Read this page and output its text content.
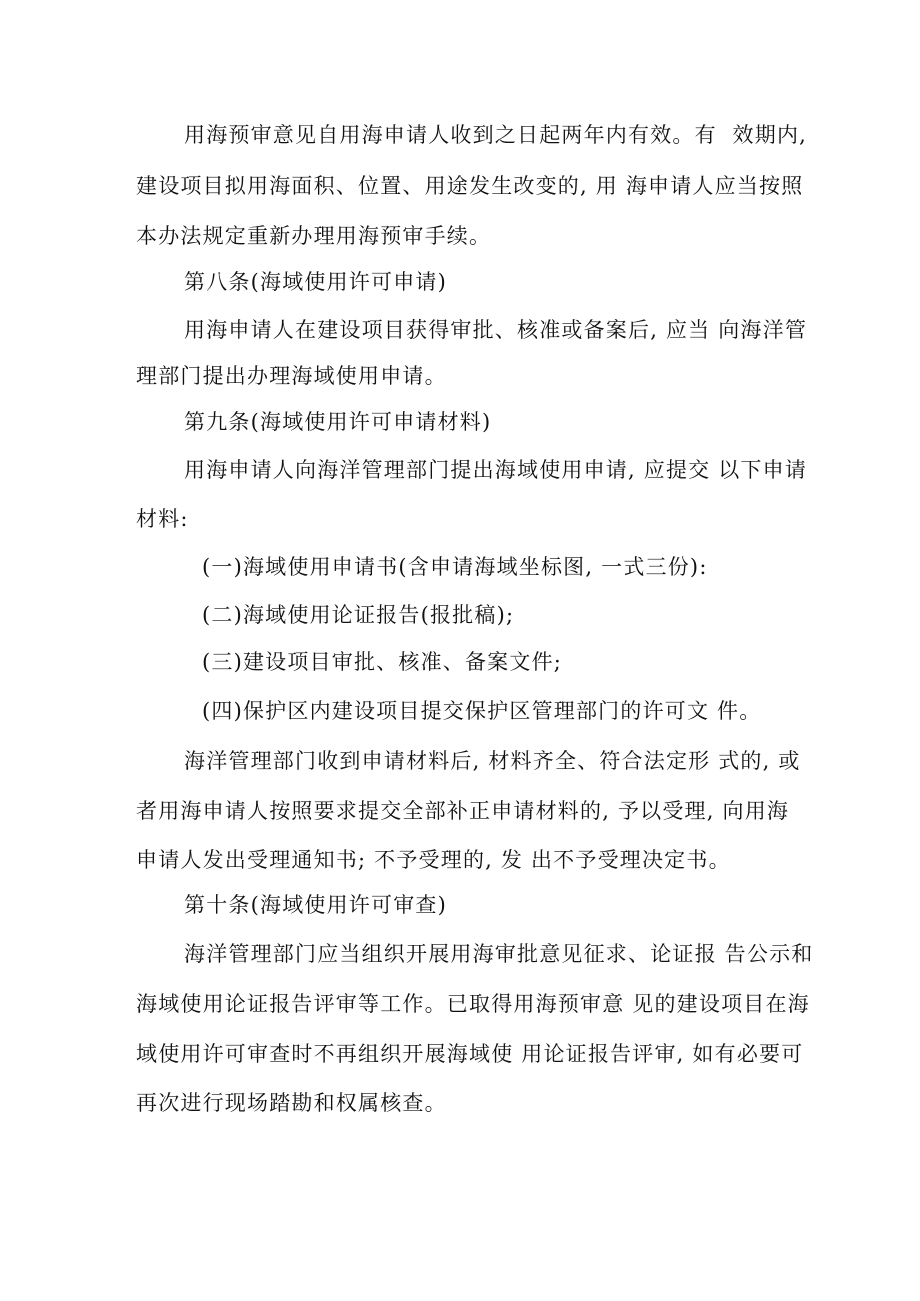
用海预审意见自用海申请人收到之日起两年内有效。有  效期内,
建设项目拟用海面积、位置、用途发生改变的, 用 海申请人应当按照
本办法规定重新办理用海预审手续。
第八条(海域使用许可申请)
用海申请人在建设项目获得审批、核准或备案后, 应当 向海洋管
理部门提出办理海域使用申请。
第九条(海域使用许可申请材料)
用海申请人向海洋管理部门提出海域使用申请, 应提交 以下申请
材料:
(一)海域使用申请书(含申请海域坐标图, 一式三份):
(二)海域使用论证报告(报批稿);
(三)建设项目审批、核准、备案文件;
(四)保护区内建设项目提交保护区管理部门的许可文 件。
海洋管理部门收到申请材料后, 材料齐全、符合法定形 式的, 或
者用海申请人按照要求提交全部补正申请材料的, 予以受理, 向用海
申请人发出受理通知书; 不予受理的, 发 出不予受理决定书。
第十条(海域使用许可审查)
海洋管理部门应当组织开展用海审批意见征求、论证报 告公示和
海域使用论证报告评审等工作。已取得用海预审意 见的建设项目在海
域使用许可审查时不再组织开展海域使 用论证报告评审, 如有必要可
再次进行现场踏勘和权属核查。
